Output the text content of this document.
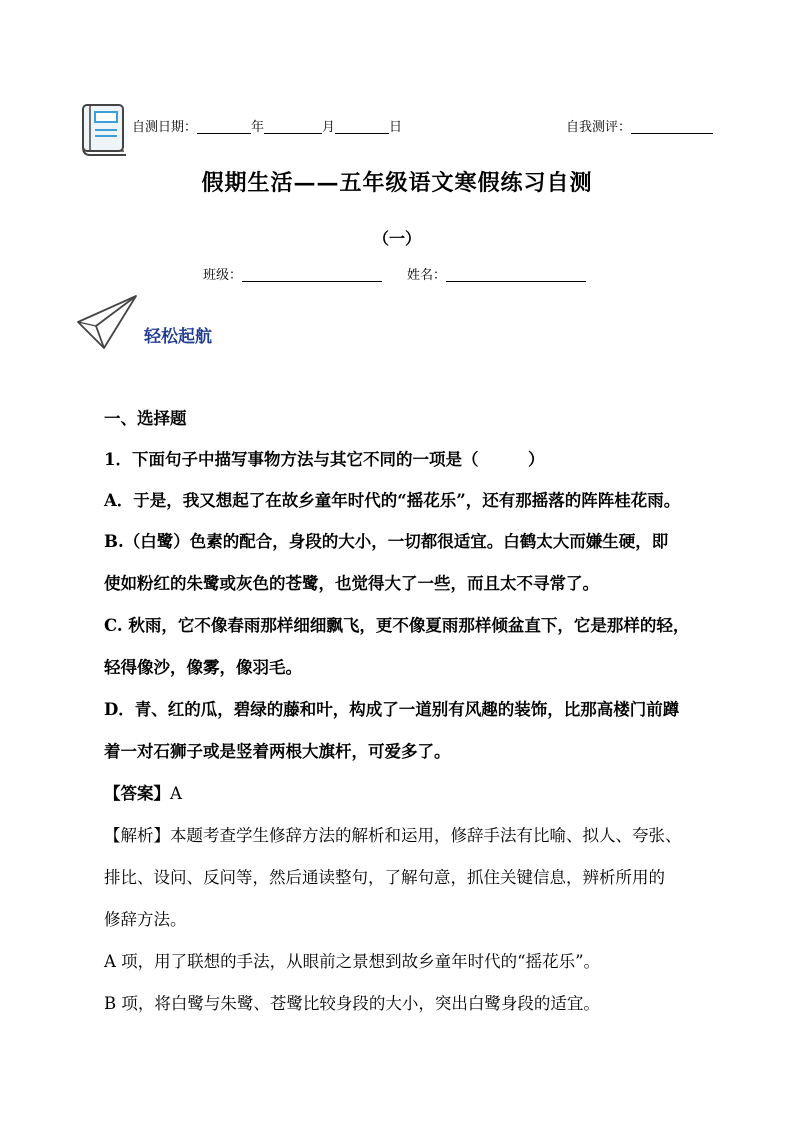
自测日期：	年	月	日	自我测评：
假期生活——五年级语文寒假练习自测
（一）
班级：	姓名：
轻松起航
一、选择题
1．下面句子中描写事物方法与其它不同的一项是（　　　）
A．于是，我又想起了在故乡童年时代的“摇花乐”，还有那摇落的阵阵桂花雨。
B.（白鹭）色素的配合，身段的大小，一切都很适宜。白鹤太大而嫌生硬，即
使如粉红的朱鹭或灰色的苍鹭，也觉得大了一些，而且太不寻常了。
C. 秋雨，它不像春雨那样细细飘飞，更不像夏雨那样倾盆直下，它是那样的轻，
轻得像沙，像雾，像羽毛。
D．青、红的瓜，碧绿的藤和叶，构成了一道别有风趣的装饰，比那高楼门前蹲
着一对石狮子或是竖着两根大旗杆，可爱多了。
【答案】A
【解析】本题考查学生修辞方法的解析和运用，修辞手法有比喻、拟人、夸张、
排比、设问、反问等，然后通读整句，了解句意，抓住关键信息，辨析所用的
修辞方法。
A 项，用了联想的手法，从眼前之景想到故乡童年时代的“摇花乐”。
B 项，将白鹭与朱鹭、苍鹭比较身段的大小，突出白鹭身段的适宜。
